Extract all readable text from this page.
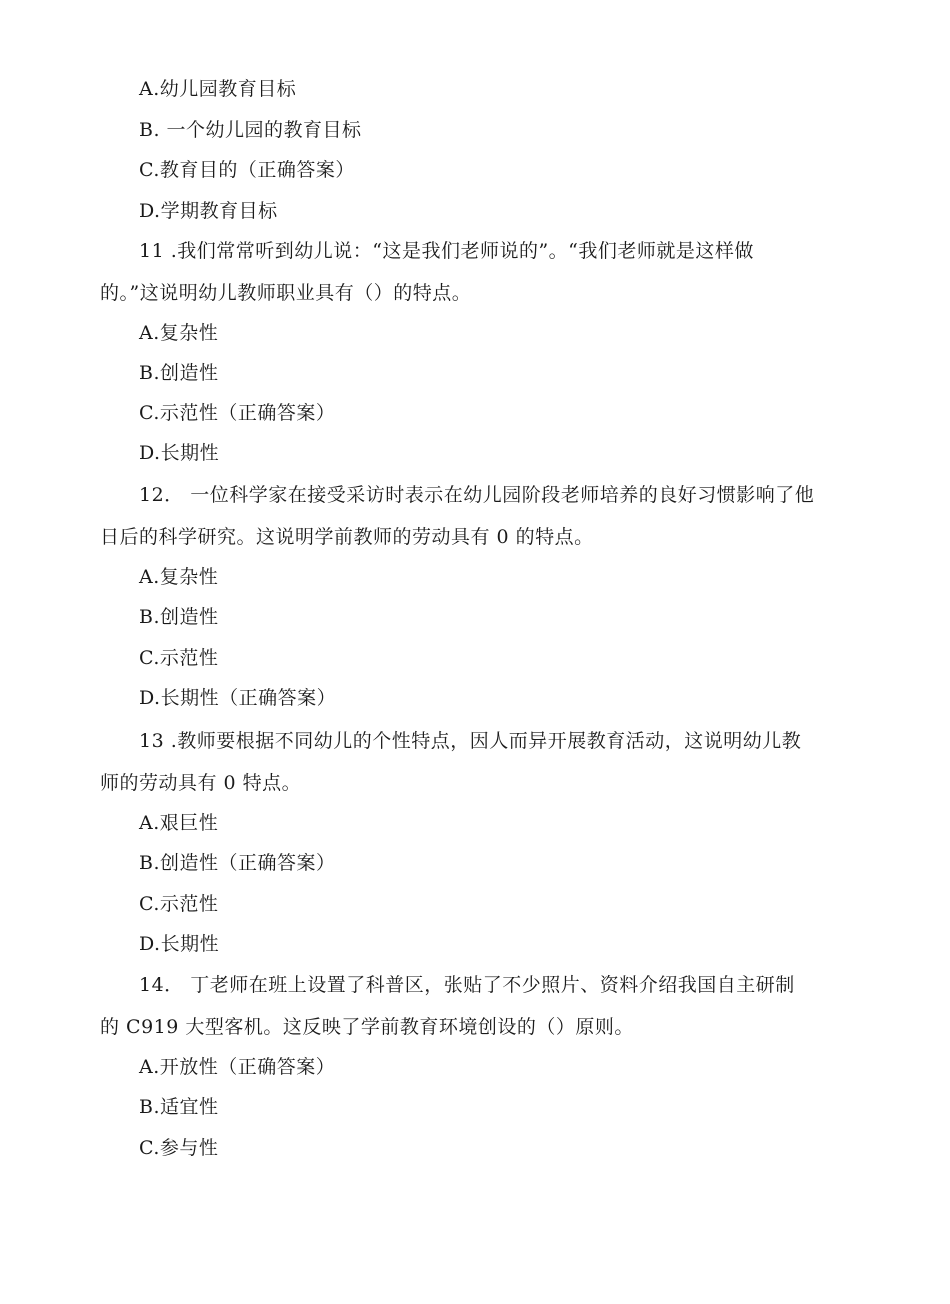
A.幼儿园教育目标
B. 一个幼儿园的教育目标
C.教育目的（正确答案）
D.学期教育目标
11 .我们常常听到幼儿说：“这是我们老师说的”。“我们老师就是这样做
的。”这说明幼儿教师职业具有（）的特点。
A.复杂性
B.创造性
C.示范性（正确答案）
D.长期性
12． 一位科学家在接受采访时表示在幼儿园阶段老师培养的良好习惯影响了他
日后的科学研究。这说明学前教师的劳动具有 0 的特点。
A.复杂性
B.创造性
C.示范性
D.长期性（正确答案）
13 .教师要根据不同幼儿的个性特点，因人而异开展教育活动，这说明幼儿教
师的劳动具有 0 特点。
A.艰巨性
B.创造性（正确答案）
C.示范性
D.长期性
14． 丁老师在班上设置了科普区，张贴了不少照片、资料介绍我国自主研制
的 C919 大型客机。这反映了学前教育环境创设的（）原则。
A.开放性（正确答案）
B.适宜性
C.参与性
